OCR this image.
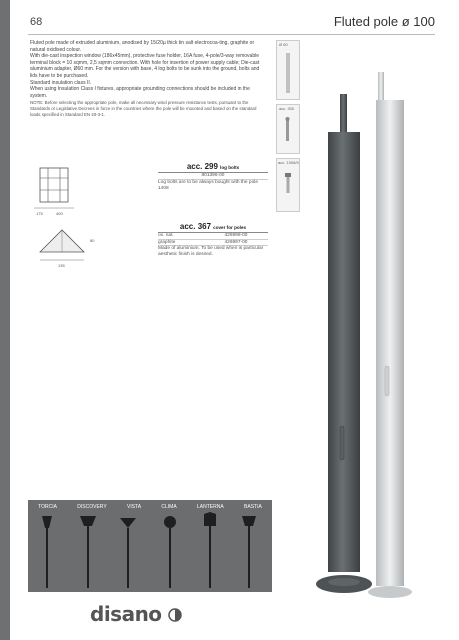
68	Fluted pole ø 100

Fluted pole made of extruded aluminium, anodised by 15/20µ thick tin salt electrocoa-ting, graphite or natural oxidised colour.

With die-cast inspection window (186x45mm), protective fuse holder, 16A fuse, 4-pole/3-way removable terminal block = 10 sqmm, 2,5 sqmm connection. With hole for insertion of power supply cable; Die-cast aluminium adapter, Ø60 mm. For the version with base, 4 log bolts to be sunk into the ground, bolts and lids have to be purchased.

Standard insulation class II.

When using Insulation Class I fixtures, appropriate grounding connections should be included in the system.

NOTE: Before selecting the appropriate pole, make all necessary wind pressure resistance tests, pursuant to the Standards or Legislative Decrees in force in the countries where the pole will be mounted and based on the standard loads specified in Standard EN 40-3-1.

Ø 60
acc. 300
acc. 1308/5
175	400
135
80
acc. 299 log bolts
801396-00
Log bolts are to be always bought with the pole 1408
acc. 367 cover for poles
ox. nat.	426998-00
graphite	426997-00
Made of aluminium. To be used when is particular aesthetic finish is desired.
TORCIA	DISCOVERY	VISTA	CLIMA	LANTERNA	BASTIA
disano
